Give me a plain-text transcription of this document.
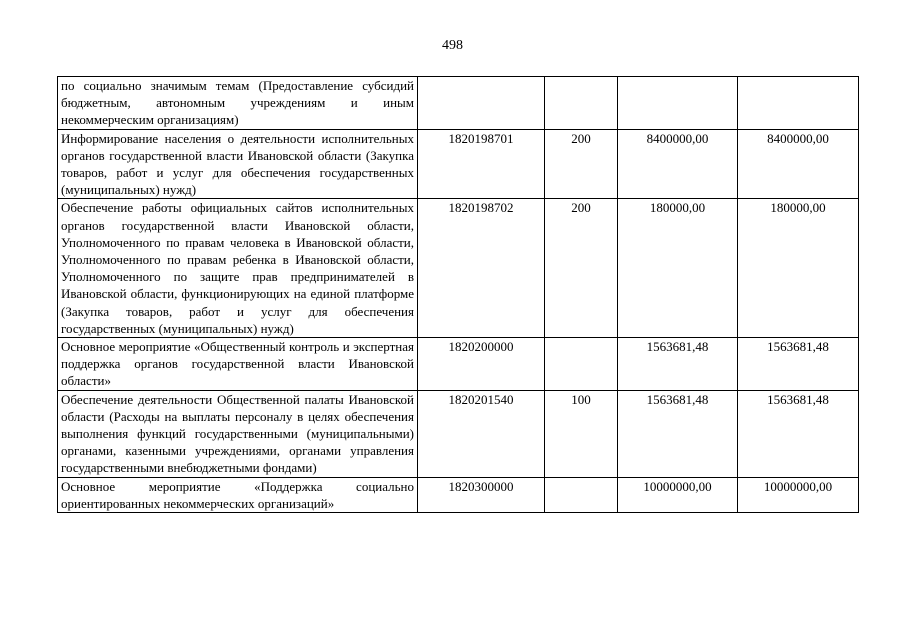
498
по социально значимым темам (Предоставление субсидий бюджетным, автономным учреждениям и иным некоммерческим организациям)				
Информирование населения о деятельности исполнительных органов государственной власти Ивановской области (Закупка товаров, работ и услуг для обеспечения государственных (муниципальных) нужд)	1820198701	200	8400000,00	8400000,00
Обеспечение работы официальных сайтов исполнительных органов государственной власти Ивановской области, Уполномоченного по правам человека в Ивановской области, Уполномоченного по правам ребенка в Ивановской области, Уполномоченного по защите прав предпринимателей в Ивановской области, функционирующих на единой платформе (Закупка товаров, работ и услуг для обеспечения государственных (муниципальных) нужд)	1820198702	200	180000,00	180000,00
Основное мероприятие «Общественный контроль и экспертная поддержка органов государственной власти Ивановской области»	1820200000		1563681,48	1563681,48
Обеспечение деятельности Общественной палаты Ивановской области (Расходы на выплаты персоналу в целях обеспечения выполнения функций государственными (муниципальными) органами, казенными учреждениями, органами управления государственными внебюджетными фондами)	1820201540	100	1563681,48	1563681,48
Основное мероприятие «Поддержка социально ориентированных некоммерческих организаций»	1820300000		10000000,00	10000000,00
